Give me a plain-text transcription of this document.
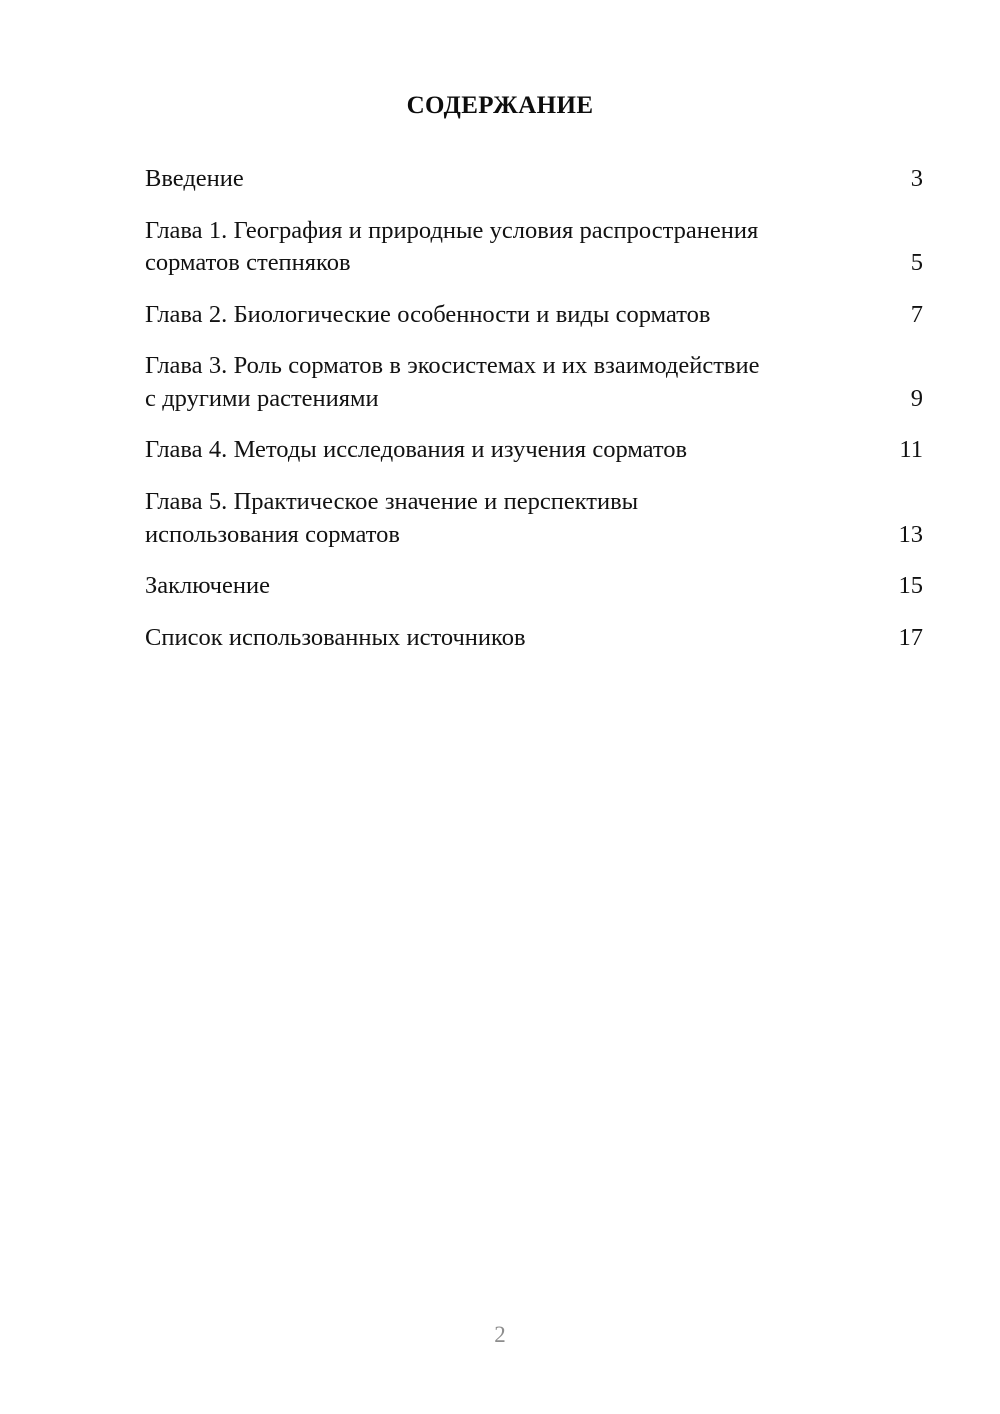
СОДЕРЖАНИЕ
Введение	3
Глава 1. География и природные условия распространения сорматов степняков	5
Глава 2. Биологические особенности и виды сорматов	7
Глава 3. Роль сорматов в экосистемах и их взаимодействие с другими растениями	9
Глава 4. Методы исследования и изучения сорматов	11
Глава 5. Практическое значение и перспективы использования сорматов	13
Заключение	15
Список использованных источников	17
2
